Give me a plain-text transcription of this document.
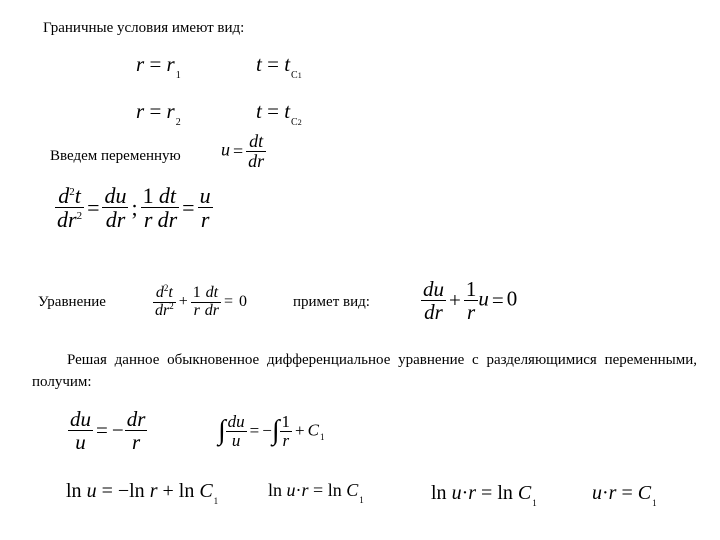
Граничные условия имеют вид:
$r = r_1$	$t = t_{C1}$
$r = r_2$	$t = t_{C2}$
Введем переменную $u = \frac{dt}{dr}$
$\frac{d^2t}{dr^2} = \frac{du}{dr}$ ; $\frac{1}{r} \frac{dt}{dr} = \frac{u}{r}$
Уравнение	$\frac{d^2t}{dr^2} + \frac{1}{r} \frac{dt}{dr} = 0$	примет вид: $\frac{du}{dr} + \frac{1}{r}$ u = 0
Решая данное обыкновенное дифференциальное уравнение с разделяющимися переменными, получим:
$\frac{du}{u}$ = − $\frac{dr}{r}$	∫ $\frac{du}{u}$ = −∫ $\frac{1}{r} + C_1$
ln u = −ln $r + \ln C_1$
$\ln u\cdot r = \ln C_1$	$\ln u\cdot r = \ln C_1$	$u\cdot r = C_1$
